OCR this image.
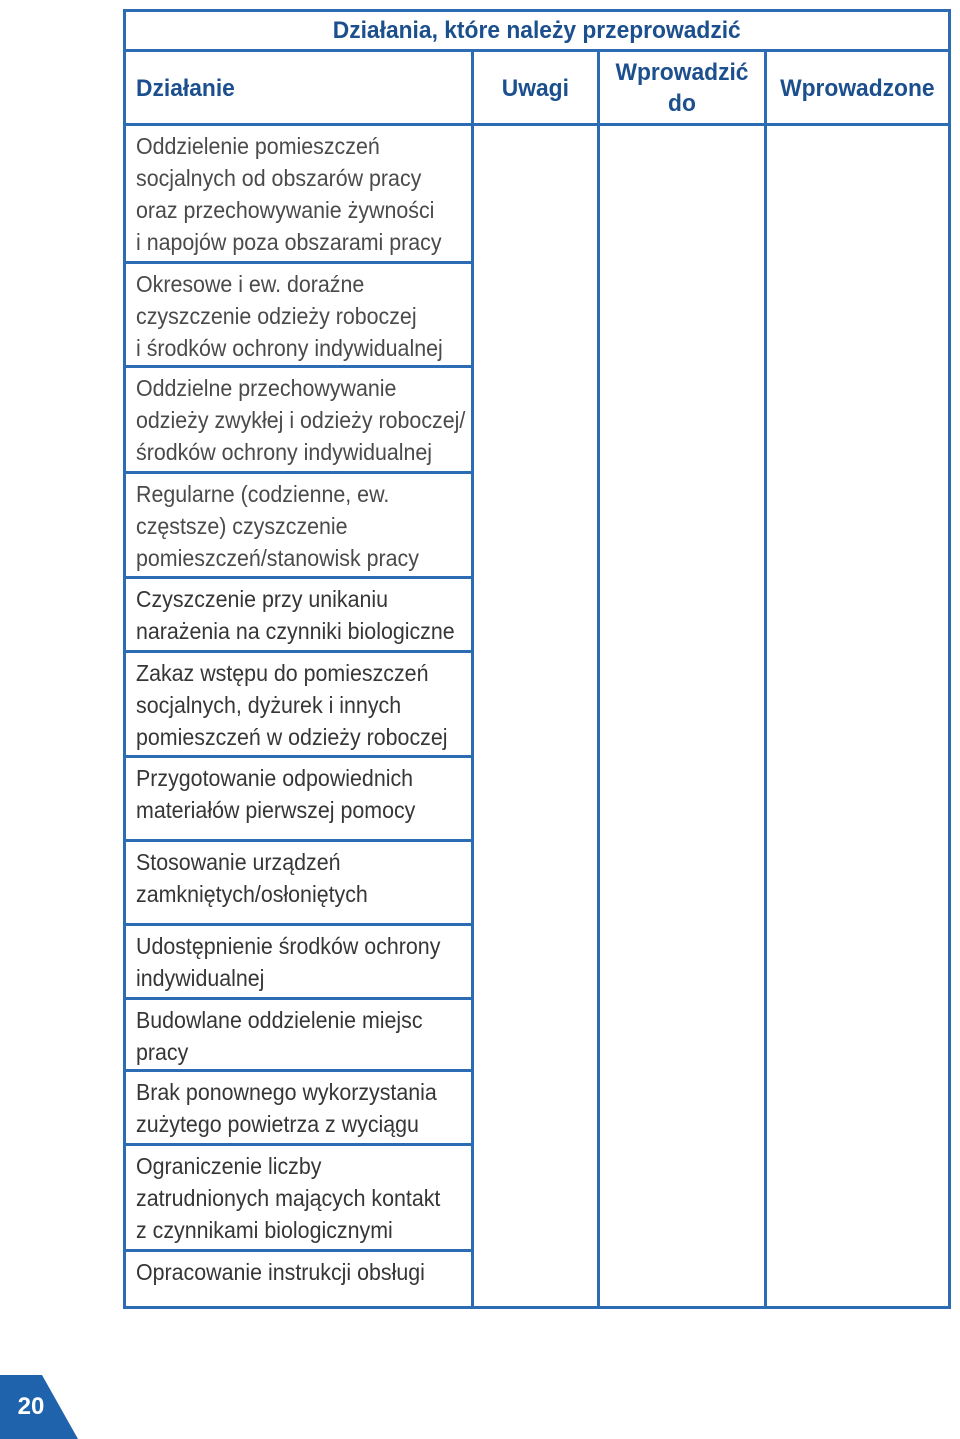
Działania, które należy przeprowadzić
Działanie	Uwagi
Wprowadzić
do
Wprowadzone
Oddzielenie pomieszczeń
socjalnych od obszarów pracy
oraz przechowywanie żywności
i napojów poza obszarami pracy
Okresowe i ew. doraźne
czyszczenie odzieży roboczej
i środków ochrony indywidualnej
Oddzielne przechowywanie
odzieży zwykłej i odzieży roboczej/
środków ochrony indywidualnej
Regularne (codzienne, ew.
częstsze) czyszczenie
pomieszczeń/stanowisk pracy
Czyszczenie przy unikaniu
narażenia na czynniki biologiczne
Zakaz wstępu do pomieszczeń
socjalnych, dyżurek i innych
pomieszczeń w odzieży roboczej
Przygotowanie odpowiednich
materiałów pierwszej pomocy
Stosowanie urządzeń
zamkniętych/osłoniętych
Udostępnienie środków ochrony
indywidualnej
Budowlane oddzielenie miejsc
pracy
Brak ponownego wykorzystania
zużytego powietrza z wyciągu
Ograniczenie liczby
zatrudnionych mających kontakt
z czynnikami biologicznymi
Opracowanie instrukcji obsługi
20
